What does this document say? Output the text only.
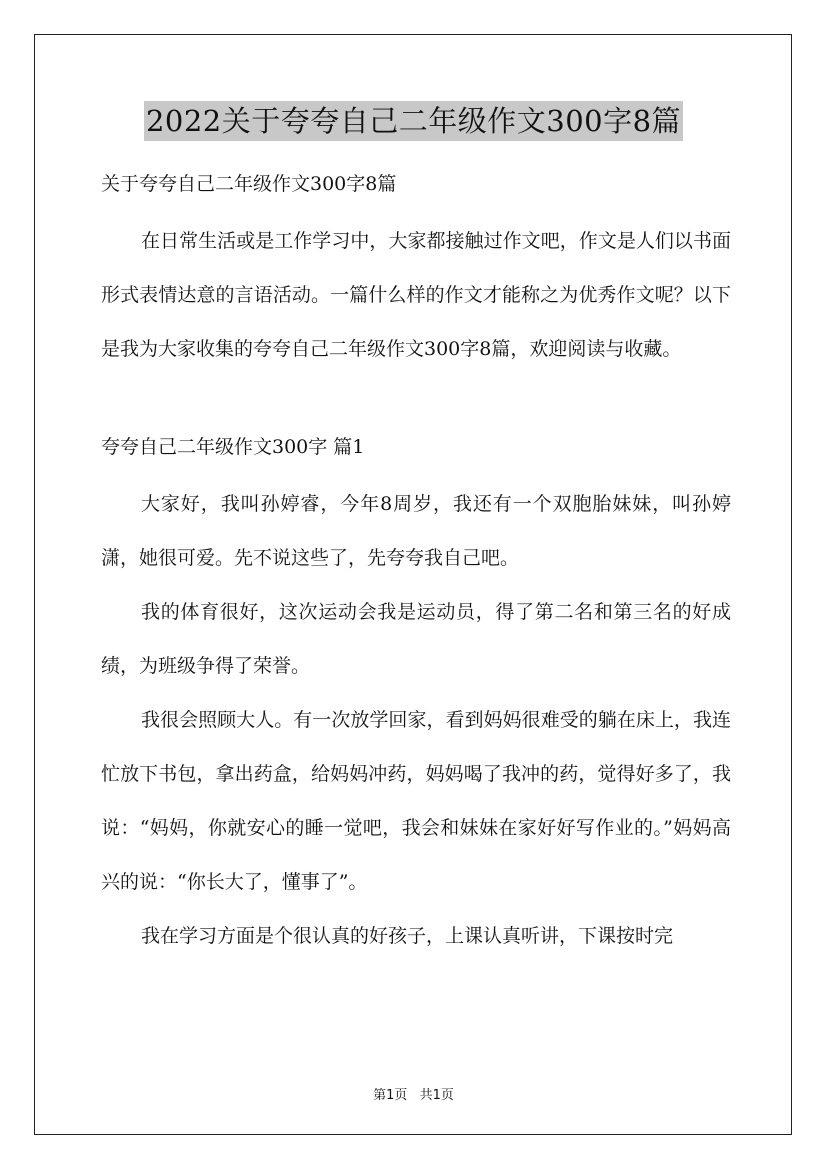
2022关于夸夸自己二年级作文300字8篇

关于夸夸自己二年级作文300字8篇

在日常生活或是工作学习中，大家都接触过作文吧，作文是人们以书面形式表情达意的言语活动。一篇什么样的作文才能称之为优秀作文呢？以下是我为大家收集的夸夸自己二年级作文300字8篇，欢迎阅读与收藏。

夸夸自己二年级作文300字 篇1

大家好，我叫孙婷睿，今年8周岁，我还有一个双胞胎妹妹，叫孙婷潇，她很可爱。先不说这些了，先夸夸我自己吧。

我的体育很好，这次运动会我是运动员，得了第二名和第三名的好成绩，为班级争得了荣誉。

我很会照顾大人。有一次放学回家，看到妈妈很难受的躺在床上，我连忙放下书包，拿出药盒，给妈妈冲药，妈妈喝了我冲的药，觉得好多了，我说：“妈妈，你就安心的睡一觉吧，我会和妹妹在家好好写作业的。”妈妈高兴的说：“你长大了，懂事了”。

我在学习方面是个很认真的好孩子，上课认真听讲，下课按时完

第1页 共1页
